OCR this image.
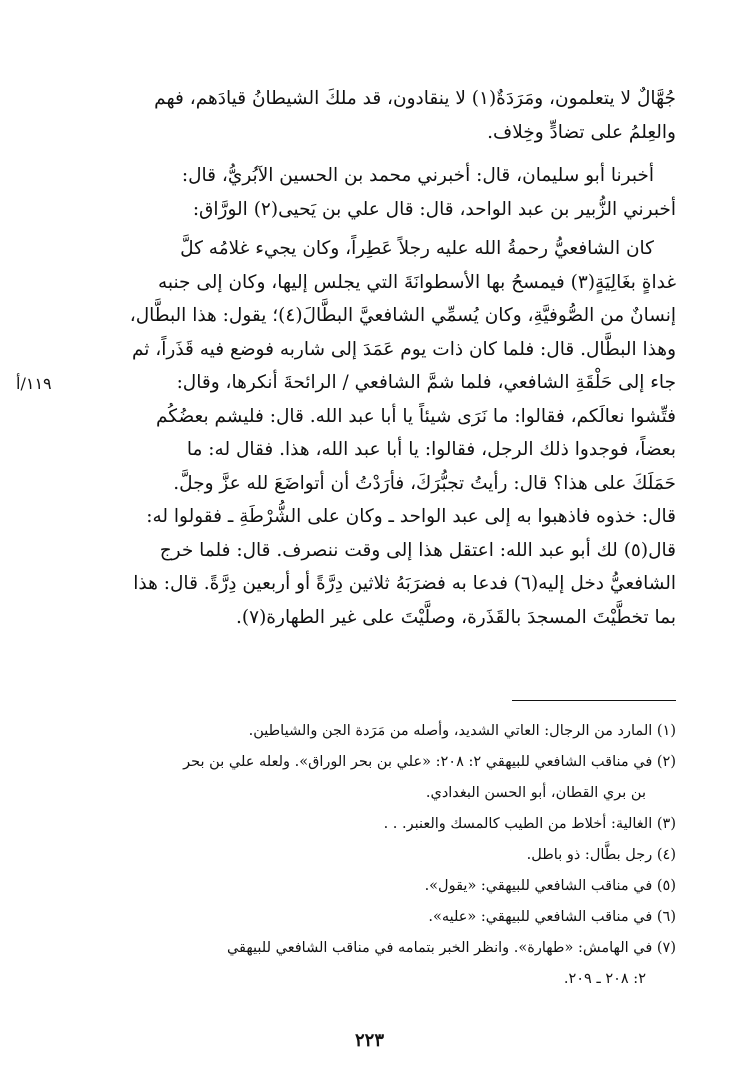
جُهَّالٌ لا يتعلمون، ومَرَدَةٌ(١) لا ينقادون، قد ملكَ الشيطانُ قيادَهم، فهم
والعِلمُ على تضادٍّ وخِلاف.

أخبرنا أبو سليمان، قال: أخبرني محمد بن الحسين الآبُريُّ، قال:
أخبرني الزُّبير بن عبد الواحد، قال: قال علي بن يَحيى(٢) الورَّاق:

كان الشافعيُّ رحمةُ الله عليه رجلاً عَطِراً، وكان يجيء غلامُه كلَّ
غداةٍ بغَالِيَةٍ(٣) فيمسحُ بها الأسطوانَةَ التي يجلس إليها، وكان إلى جنبه
إنسانٌ من الصُّوفيَّةِ، وكان يُسمِّي الشافعيَّ البطَّالَ(٤)؛ يقول: هذا البطَّال،
وهذا البطَّال. قال: فلما كان ذات يوم عَمَدَ إلى شاربه فوضع فيه قَذَراً، ثم
جاء إلى حَلْقَةِ الشافعي، فلما شمَّ الشافعي / الرائحةَ أنكرها، وقال:
فتِّشوا نعالَكم، فقالوا: ما نَرَى شيئاً يا أبا عبد الله. قال: فليشم بعضُكُم
بعضاً، فوجدوا ذلك الرجل، فقالوا: يا أبا عبد الله، هذا. فقال له: ما
حَمَلَكَ على هذا؟ قال: رأيتُ تجبُّرَكَ، فأرَدْتُ أن أتواضَعَ لله عزَّ وجلَّ.
قال: خذوه فاذهبوا به إلى عبد الواحد ـ وكان على الشُّرْطَةِ ـ فقولوا له:
قال(٥) لك أبو عبد الله: اعتقل هذا إلى وقت ننصرف. قال: فلما خرج
الشافعيُّ دخل إليه(٦) فدعا به فضرَبَهُ ثلاثين دِرَّةً أو أربعين دِرَّةً. قال: هذا
بما تخطَّيْتَ المسجدَ بالقَذَرة، وصلَّيْتَ على غير الطهارة(٧).

١١٩/أ
(١) المارد من الرجال: العاتي الشديد، وأصله من مَرَدة الجن والشياطين.
(٢) في مناقب الشافعي للبيهقي ٢: ٢٠٨: «علي بن بحر الوراق». ولعله علي بن بحر
بن بري القطان، أبو الحسن البغدادي.
(٣) الغالية: أخلاط من الطيب كالمسك والعنبر. . .
(٤) رجل بطَّال: ذو باطل.
(٥) في مناقب الشافعي للبيهقي: «يقول».
(٦) في مناقب الشافعي للبيهقي: «عليه».
(٧) في الهامش: «طهارة». وانظر الخبر بتمامه في مناقب الشافعي للبيهقي
٢: ٢٠٨ ـ ٢٠٩.
٢٢٣
